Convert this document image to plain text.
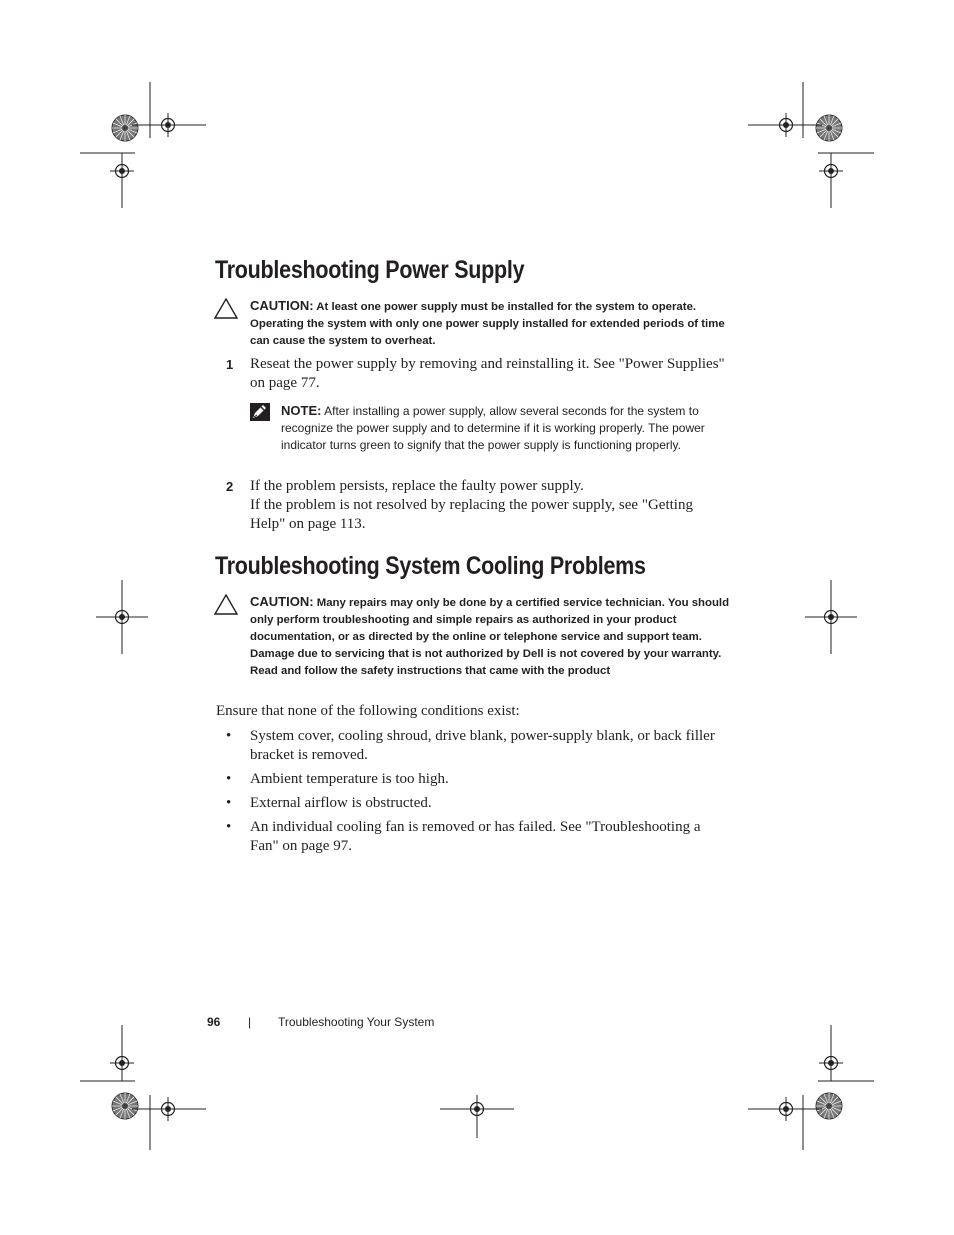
Troubleshooting Power Supply
CAUTION: At least one power supply must be installed for the system to operate. Operating the system with only one power supply installed for extended periods of time can cause the system to overheat.
1 Reseat the power supply by removing and reinstalling it. See "Power Supplies" on page 77.
NOTE: After installing a power supply, allow several seconds for the system to recognize the power supply and to determine if it is working properly. The power indicator turns green to signify that the power supply is functioning properly.
2 If the problem persists, replace the faulty power supply.
If the problem is not resolved by replacing the power supply, see "Getting Help" on page 113.
Troubleshooting System Cooling Problems
CAUTION: Many repairs may only be done by a certified service technician. You should only perform troubleshooting and simple repairs as authorized in your product documentation, or as directed by the online or telephone service and support team. Damage due to servicing that is not authorized by Dell is not covered by your warranty. Read and follow the safety instructions that came with the product

Ensure that none of the following conditions exist:

• System cover, cooling shroud, drive blank, power-supply blank, or back filler bracket is removed.
• Ambient temperature is too high.
• External airflow is obstructed.
• An individual cooling fan is removed or has failed. See "Troubleshooting a Fan" on page 97.
96 | Troubleshooting Your System
